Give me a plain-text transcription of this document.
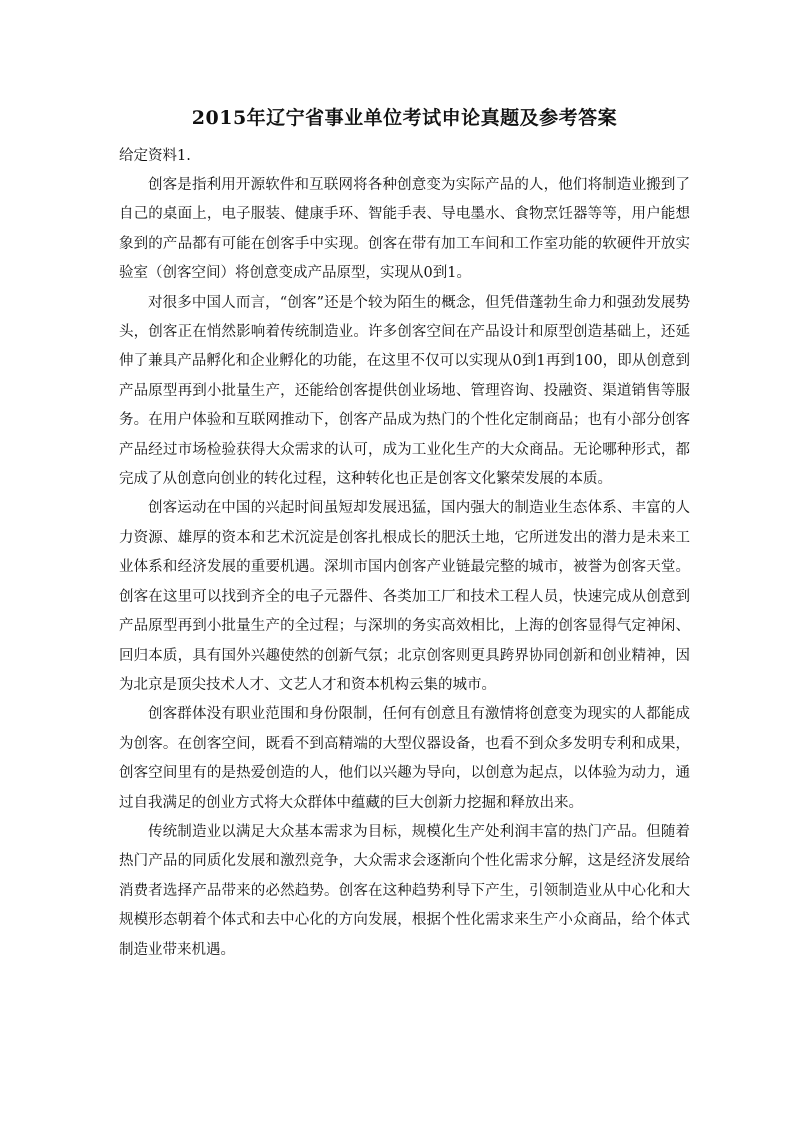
2015年辽宁省事业单位考试申论真题及参考答案

给定资料1.

创客是指利用开源软件和互联网将各种创意变为实际产品的人，他们将制造业搬到了自己的桌面上，电子服装、健康手环、智能手表、导电墨水、食物烹饪器等等，用户能想象到的产品都有可能在创客手中实现。创客在带有加工车间和工作室功能的软硬件开放实验室（创客空间）将创意变成产品原型，实现从0到1。

对很多中国人而言，“创客”还是个较为陌生的概念，但凭借蓬勃生命力和强劲发展势头，创客正在悄然影响着传统制造业。许多创客空间在产品设计和原型创造基础上，还延伸了兼具产品孵化和企业孵化的功能，在这里不仅可以实现从0到1再到100，即从创意到产品原型再到小批量生产，还能给创客提供创业场地、管理咨询、投融资、渠道销售等服务。在用户体验和互联网推动下，创客产品成为热门的个性化定制商品；也有小部分创客产品经过市场检验获得大众需求的认可，成为工业化生产的大众商品。无论哪种形式，都完成了从创意向创业的转化过程，这种转化也正是创客文化繁荣发展的本质。

创客运动在中国的兴起时间虽短却发展迅猛，国内强大的制造业生态体系、丰富的人力资源、雄厚的资本和艺术沉淀是创客扎根成长的肥沃土地，它所迸发出的潜力是未来工业体系和经济发展的重要机遇。深圳市国内创客产业链最完整的城市，被誉为创客天堂。创客在这里可以找到齐全的电子元器件、各类加工厂和技术工程人员，快速完成从创意到产品原型再到小批量生产的全过程；与深圳的务实高效相比，上海的创客显得气定神闲、回归本质，具有国外兴趣使然的创新气氛；北京创客则更具跨界协同创新和创业精神，因为北京是顶尖技术人才、文艺人才和资本机构云集的城市。

创客群体没有职业范围和身份限制，任何有创意且有激情将创意变为现实的人都能成为创客。在创客空间，既看不到高精端的大型仪器设备，也看不到众多发明专利和成果，创客空间里有的是热爱创造的人，他们以兴趣为导向，以创意为起点，以体验为动力，通过自我满足的创业方式将大众群体中蕴藏的巨大创新力挖掘和释放出来。

传统制造业以满足大众基本需求为目标，规模化生产处利润丰富的热门产品。但随着热门产品的同质化发展和激烈竞争，大众需求会逐渐向个性化需求分解，这是经济发展给消费者选择产品带来的必然趋势。创客在这种趋势利导下产生，引领制造业从中心化和大规模形态朝着个体式和去中心化的方向发展，根据个性化需求来生产小众商品，给个体式制造业带来机遇。
